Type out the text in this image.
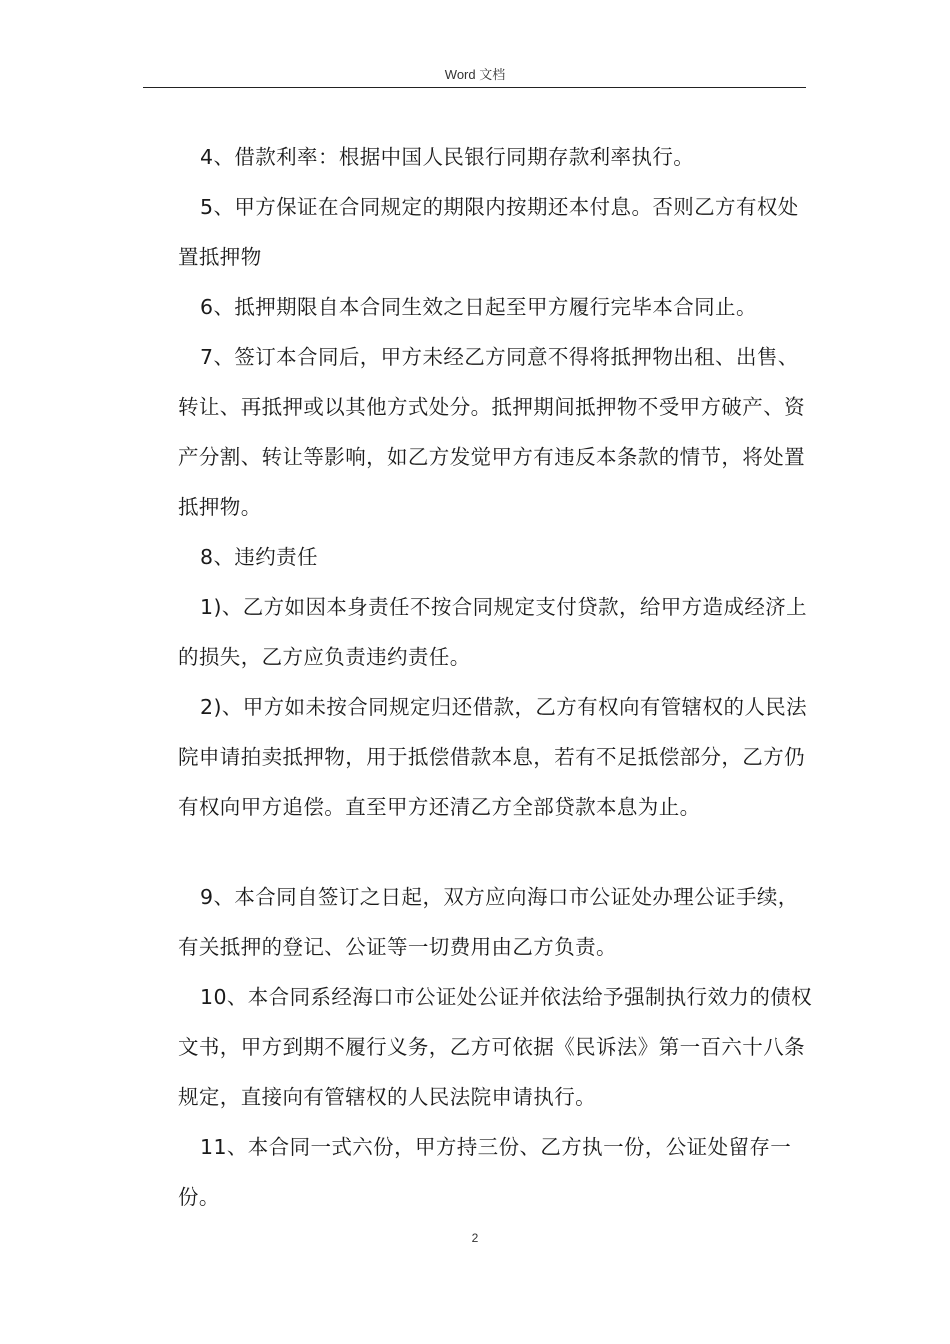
Word 文档

4、借款利率：根据中国人民银行同期存款利率执行。

5、甲方保证在合同规定的期限内按期还本付息。否则乙方有权处置抵押物

6、抵押期限自本合同生效之日起至甲方履行完毕本合同止。

7、签订本合同后，甲方未经乙方同意不得将抵押物出租、出售、转让、再抵押或以其他方式处分。抵押期间抵押物不受甲方破产、资产分割、转让等影响，如乙方发觉甲方有违反本条款的情节，将处置抵押物。

8、违约责任

1)、乙方如因本身责任不按合同规定支付贷款，给甲方造成经济上的损失，乙方应负责违约责任。

2)、甲方如未按合同规定归还借款，乙方有权向有管辖权的人民法院申请拍卖抵押物，用于抵偿借款本息，若有不足抵偿部分，乙方仍有权向甲方追偿。直至甲方还清乙方全部贷款本息为止。

9、本合同自签订之日起，双方应向海口市公证处办理公证手续，有关抵押的登记、公证等一切费用由乙方负责。

10、本合同系经海口市公证处公证并依法给予强制执行效力的债权文书，甲方到期不履行义务，乙方可依据《民诉法》第一百六十八条规定，直接向有管辖权的人民法院申请执行。

11、本合同一式六份，甲方持三份、乙方执一份，公证处留存一份。

2
